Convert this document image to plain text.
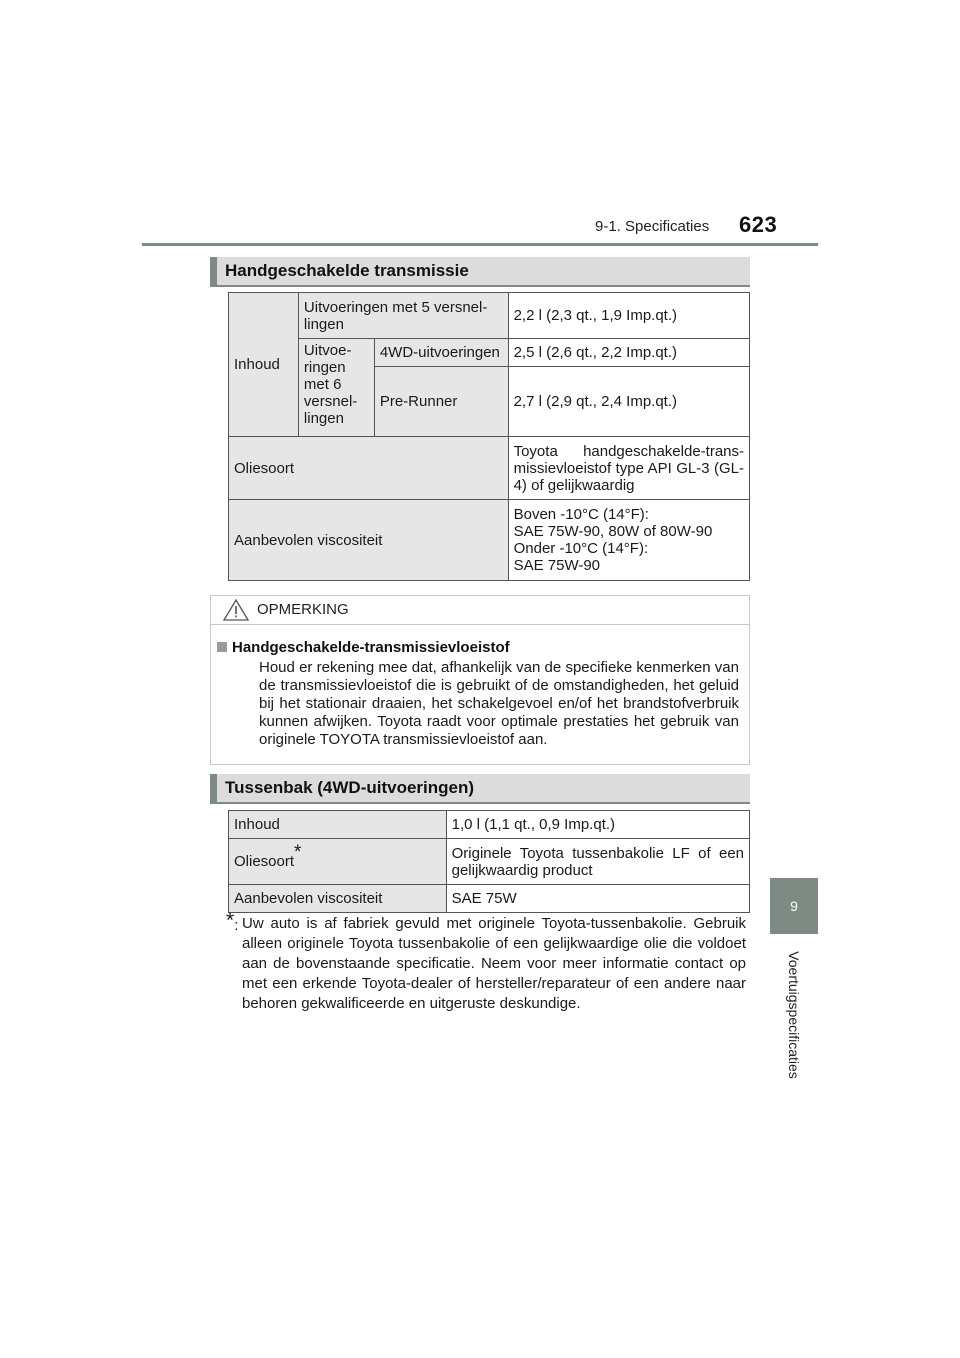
9-1. Specificaties 623
9
Voertuigspecificaties
Handgeschakelde transmissie
Inhoud	Uitvoeringen met 5 versnel-lingen		2,2 l (2,3 qt., 1,9 Imp.qt.)
	Uitvoe-ringen met 6 versnel-lingen	4WD-uitvoeringen	2,5 l (2,6 qt., 2,2 Imp.qt.)
		Pre-Runner	2,7 l (2,9 qt., 2,4 Imp.qt.)
Oliesoort			Toyota handgeschakelde-trans-missievloeistof type API GL-3 (GL-4) of gelijkwaardig
Aanbevolen viscositeit			Boven -10°C (14°F):
SAE 75W-90, 80W of 80W-90
Onder -10°C (14°F):
SAE 75W-90
OPMERKING
Handgeschakelde-transmissievloeistof
Houd er rekening mee dat, afhankelijk van de specifieke kenmerken van de transmissievloeistof die is gebruikt of de omstandigheden, het geluid bij het stationair draaien, het schakelgevoel en/of het brandstofverbruik kunnen afwijken. Toyota raadt voor optimale prestaties het gebruik van originele TOYOTA transmissievloeistof aan.
Tussenbak (4WD-uitvoeringen)
Inhoud	1,0 l (1,1 qt., 0,9 Imp.qt.)
Oliesoort*	Originele Toyota tussenbakolie LF of een gelijkwaardig product
Aanbevolen viscositeit	SAE 75W
*: Uw auto is af fabriek gevuld met originele Toyota-tussenbakolie. Gebruik alleen originele Toyota tussenbakolie of een gelijkwaardige olie die voldoet aan de bovenstaande specificatie. Neem voor meer informatie contact op met een erkende Toyota-dealer of hersteller/reparateur of een andere naar behoren gekwalificeerde en uitgeruste deskundige.
